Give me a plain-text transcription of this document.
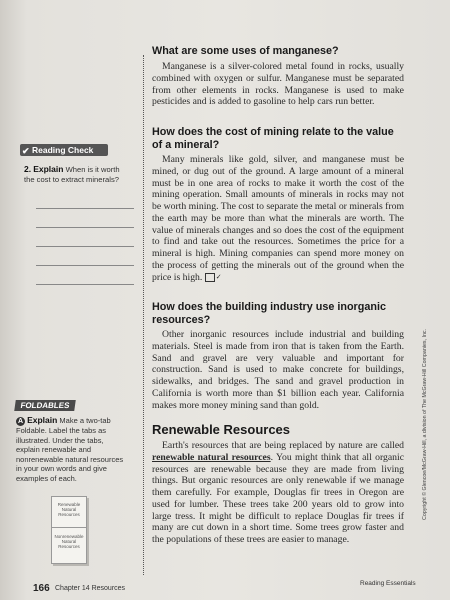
What are some uses of manganese?

Manganese is a silver-colored metal found in rocks, usually combined with oxygen or sulfur. Manganese must be separated from other elements in rocks. Manganese is used to make pesticides and is added to gasoline to help cars run better.

How does the cost of mining relate to the value of a mineral?

Many minerals like gold, silver, and manganese must be mined, or dug out of the ground. A large amount of a mineral must be in one area of rocks to make it worth the cost of the mining operation. Small amounts of minerals in rocks may not be worth mining. The cost to separate the metal or minerals from the earth may be more than what the minerals are worth. The value of minerals changes and so does the cost of the equipment to find and take out the resources. Sometimes the price for a mineral is high. Mining companies can spend more money on the process of getting the minerals out of the ground when the price is high. ✓

How does the building industry use inorganic resources?

Other inorganic resources include industrial and building materials. Steel is made from iron that is taken from the Earth. Sand and gravel are very valuable and important for construction. Sand is used to make concrete for buildings, sidewalks, and bridges. The sand and gravel production in California is worth more than $1 billion each year. California makes more money mining sand than gold.

Renewable Resources

Earth's resources that are being replaced by nature are called renewable natural resources. You might think that all organic resources are renewable because they are made from living things. But organic resources are only renewable if we manage them carefully. For example, Douglas fir trees in Oregon are used for lumber. These trees take 200 years old to grow into large tress. It might be difficult to replace Douglas fir trees if many are cut down in a short time. Some trees grow faster and the populations of these trees are easier to manage.

✔ Reading Check
2. Explain When is it worth the cost to extract minerals?
FOLDABLES
A Explain Make a two-tab Foldable. Label the tabs as illustrated. Under the tabs, explain renewable and nonrenewable natural resources in your own words and give examples of each.
Renewable Natural Resources
Nonrenewable Natural Resources
Copyright © Glencoe/McGraw-Hill, a division of The McGraw-Hill Companies, Inc.
166 Chapter 14 Resources
Reading Essentials
